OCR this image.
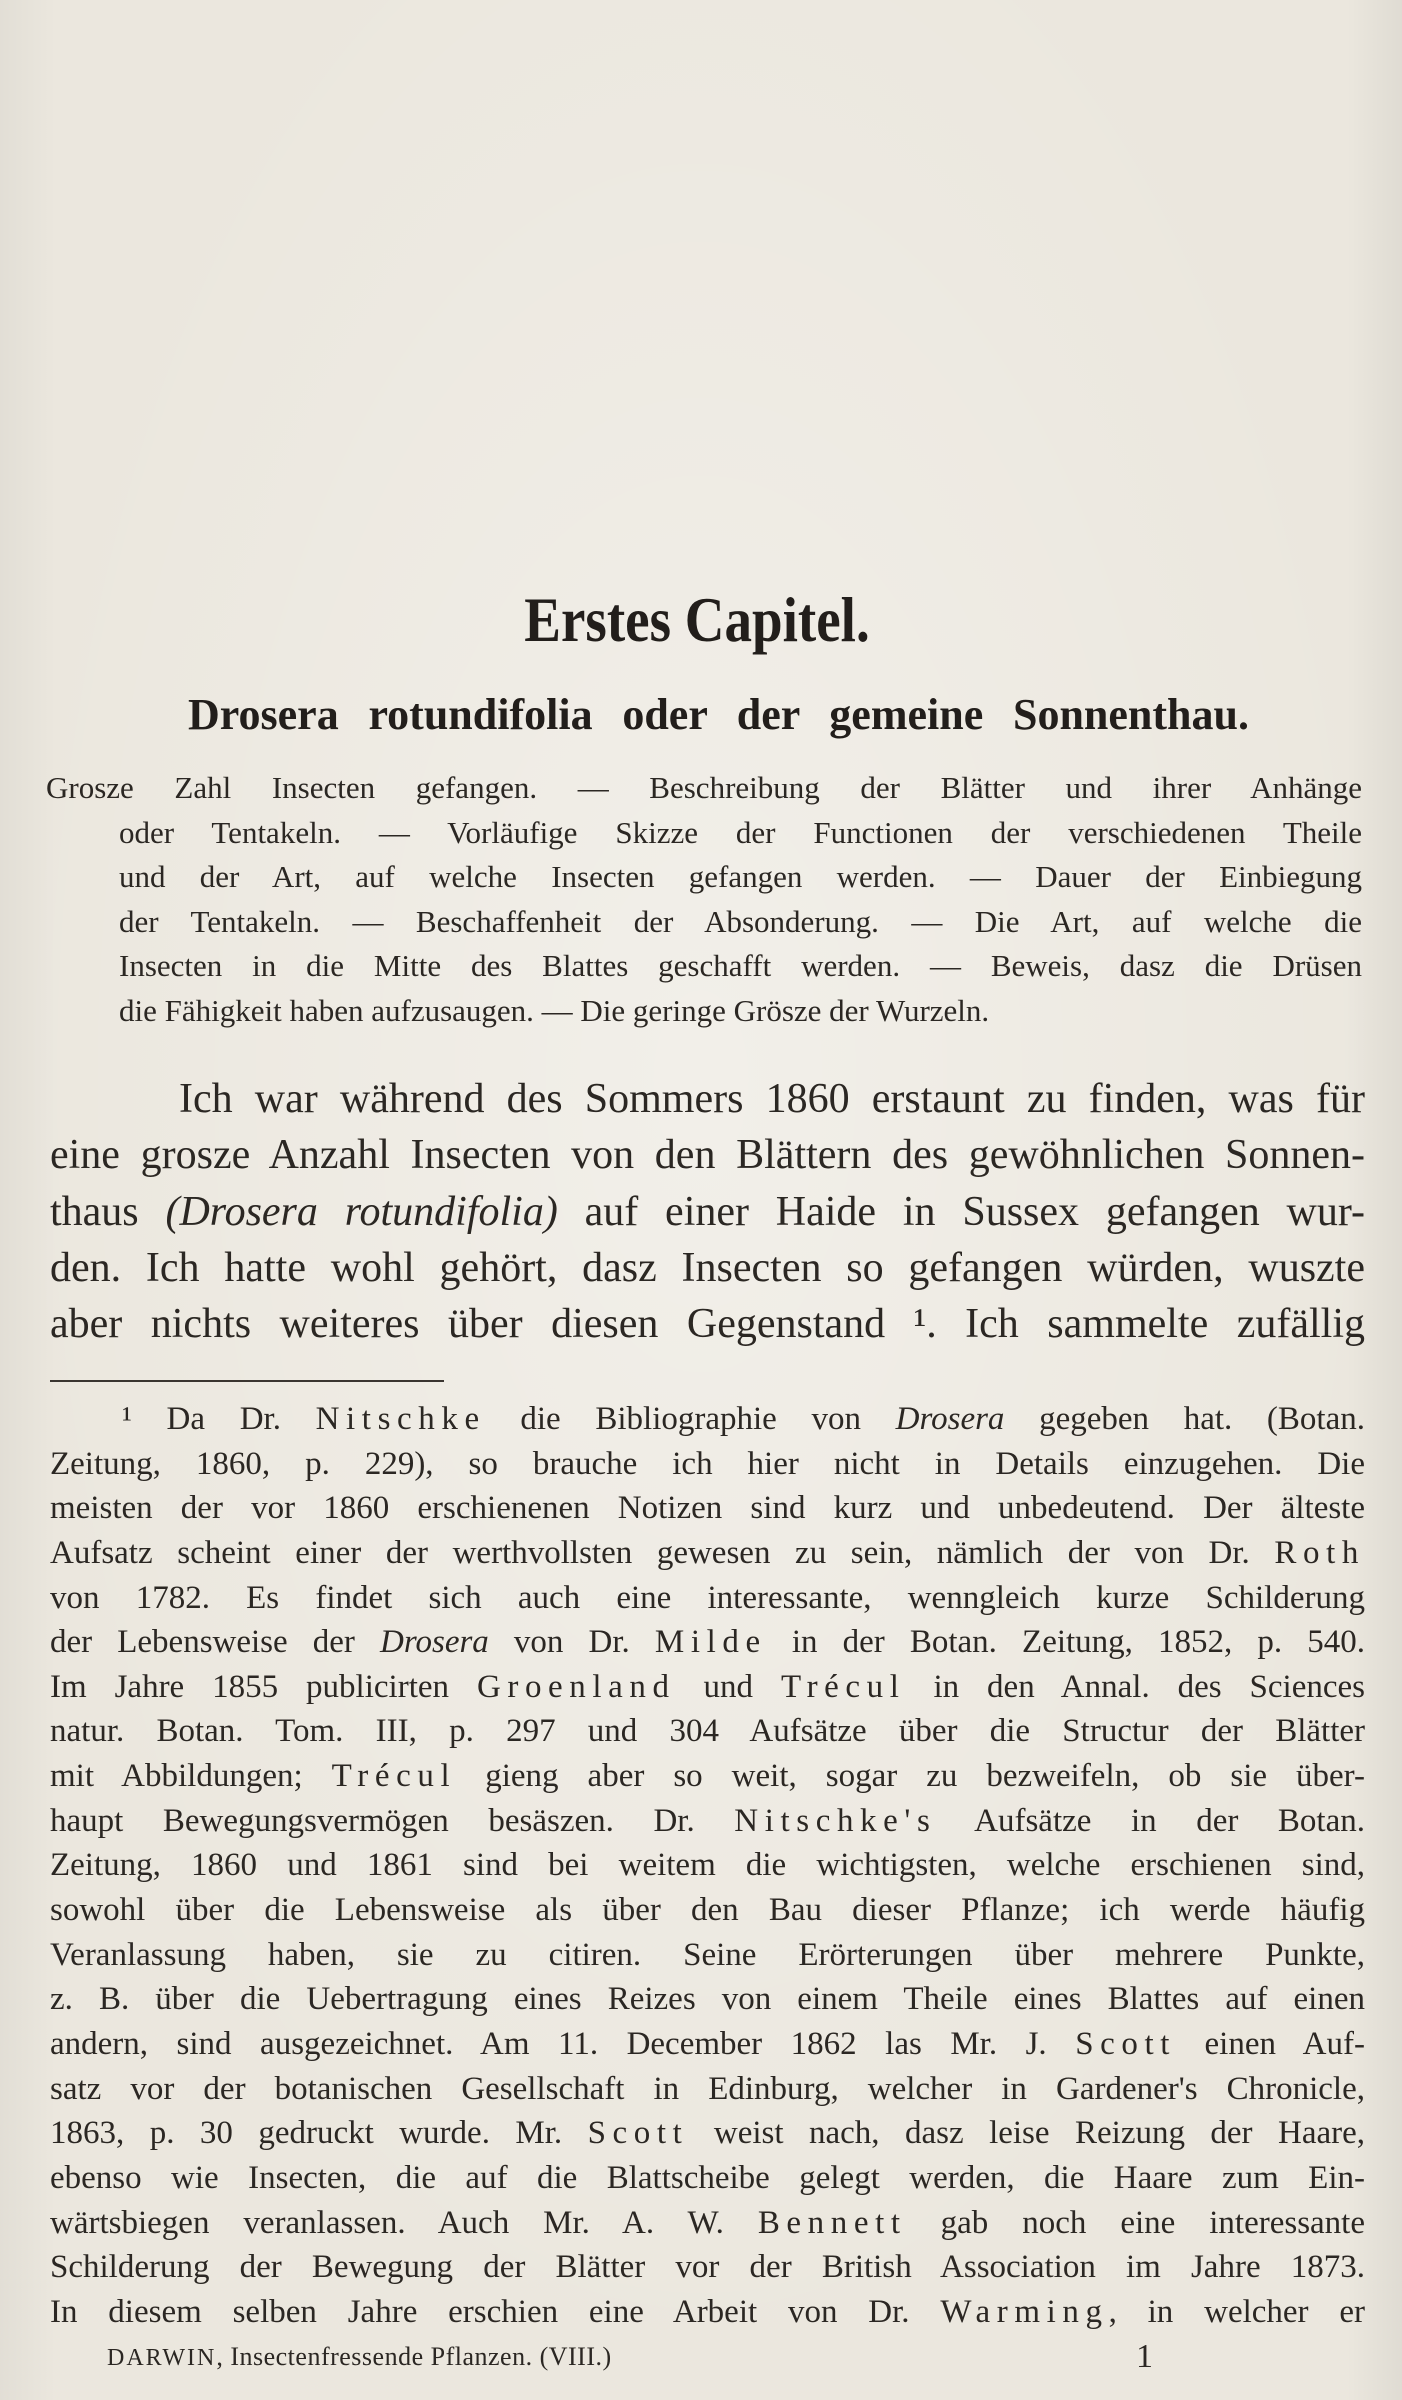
Erstes Capitel.
Drosera rotundifolia oder der gemeine Sonnenthau.
Grosze Zahl Insecten gefangen. — Beschreibung der Blätter und ihrer Anhänge
oder Tentakeln. — Vorläufige Skizze der Functionen der verschiedenen Theile
und der Art, auf welche Insecten gefangen werden. — Dauer der Einbiegung
der Tentakeln. — Beschaffenheit der Absonderung. — Die Art, auf welche die
Insecten in die Mitte des Blattes geschafft werden. — Beweis, dasz die Drüsen
die Fähigkeit haben aufzusaugen. — Die geringe Grösze der Wurzeln.
Ich war während des Sommers 1860 erstaunt zu finden, was für
eine grosze Anzahl Insecten von den Blättern des gewöhnlichen Sonnen-
thaus (Drosera rotundifolia) auf einer Haide in Sussex gefangen wur-
den. Ich hatte wohl gehört, dasz Insecten so gefangen würden, wuszte
aber nichts weiteres über diesen Gegenstand ¹. Ich sammelte zufällig
¹ Da Dr. Nitschke die Bibliographie von Drosera gegeben hat. (Botan.
Zeitung, 1860, p. 229), so brauche ich hier nicht in Details einzugehen. Die
meisten der vor 1860 erschienenen Notizen sind kurz und unbedeutend. Der älteste
Aufsatz scheint einer der werthvollsten gewesen zu sein, nämlich der von Dr. Roth
von 1782. Es findet sich auch eine interessante, wenngleich kurze Schilderung
der Lebensweise der Drosera von Dr. Milde in der Botan. Zeitung, 1852, p. 540.
Im Jahre 1855 publicirten Groenland und Trécul in den Annal. des Sciences
natur. Botan. Tom. III, p. 297 und 304 Aufsätze über die Structur der Blätter
mit Abbildungen; Trécul gieng aber so weit, sogar zu bezweifeln, ob sie über-
haupt Bewegungsvermögen besäszen. Dr. Nitschke's Aufsätze in der Botan.
Zeitung, 1860 und 1861 sind bei weitem die wichtigsten, welche erschienen sind,
sowohl über die Lebensweise als über den Bau dieser Pflanze; ich werde häufig
Veranlassung haben, sie zu citiren. Seine Erörterungen über mehrere Punkte,
z. B. über die Uebertragung eines Reizes von einem Theile eines Blattes auf einen
andern, sind ausgezeichnet. Am 11. December 1862 las Mr. J. Scott einen Auf-
satz vor der botanischen Gesellschaft in Edinburg, welcher in Gardener's Chronicle,
1863, p. 30 gedruckt wurde. Mr. Scott weist nach, dasz leise Reizung der Haare,
ebenso wie Insecten, die auf die Blattscheibe gelegt werden, die Haare zum Ein-
wärtsbiegen veranlassen. Auch Mr. A. W. Bennett gab noch eine interessante
Schilderung der Bewegung der Blätter vor der British Association im Jahre 1873.
In diesem selben Jahre erschien eine Arbeit von Dr. Warming, in welcher er
DARWIN, Insectenfressende Pflanzen. (VIII.)	1
